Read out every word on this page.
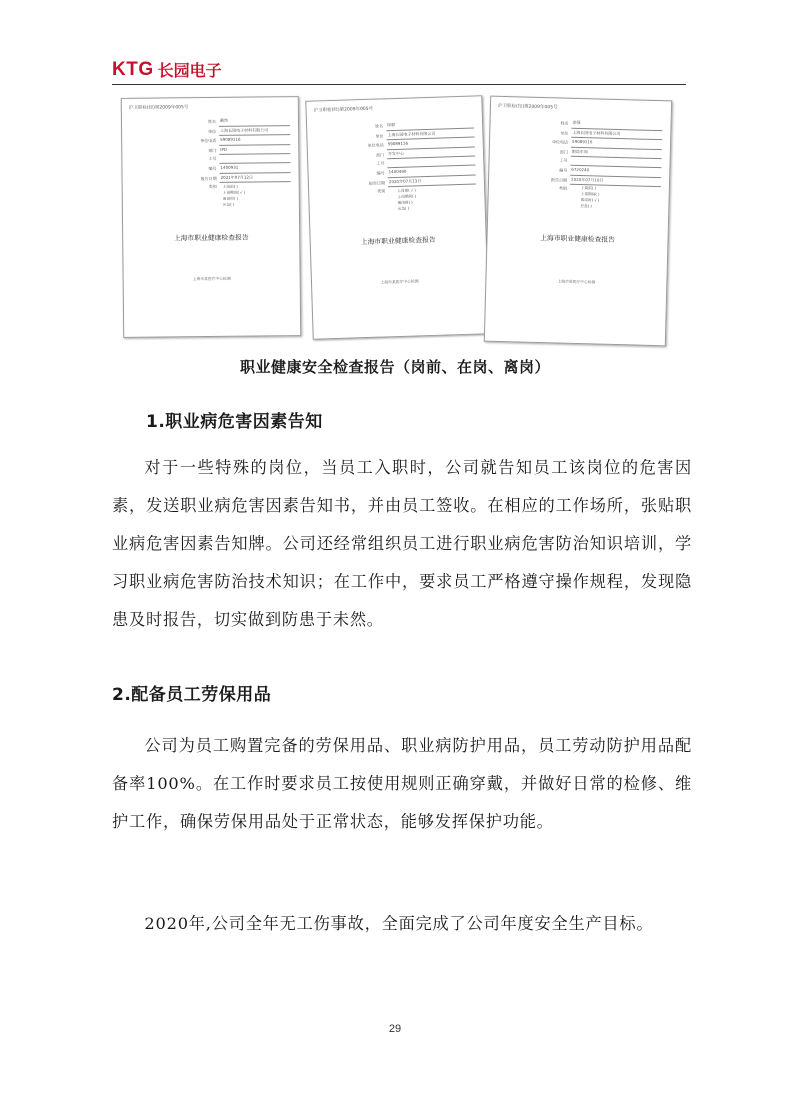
KTG 长园电子
沪卫职检(经)第2009年005号
姓名 戴然
单位 上海长园电子材料有限公司
单位电话 59089116
部门 IPD
工号
编号 1400931
报告日期 2021年07月12日
类别	上岗前( )
上岗期间( √ )
离岗时( )
应急( )
上海市职业健康检查报告
上海市某医疗中心检测
沪卫职检(经)第2009年005号
姓名 徐毅
单位 上海长园电子材料有限公司
单位电话 59089116
部门 开发中心
工号
编号 1400490
报告日期 2020年07月13日
类别	上岗前( √ )
上岗期间( )
离岗时( )
应急( )
上海市职业健康检查报告
上海市某医疗中心检测
沪卫职检(经)第2009年005号
姓名 徐强
单位 上海长园电子材料有限公司
单位电话 59089116
部门 制造车间
工号
编号 6720240
报告日期 2020年07月10日
类别	上岗前( )
上岗期间( )
离岗时( √ )
应急( )
上海市职业健康检查报告
上海市某医疗中心检测
职业健康安全检查报告（岗前、在岗、离岗）
1.职业病危害因素告知
对于一些特殊的岗位，当员工入职时，公司就告知员工该岗位的危害因素，发送职业病危害因素告知书，并由员工签收。在相应的工作场所，张贴职业病危害因素告知牌。公司还经常组织员工进行职业病危害防治知识培训，学习职业病危害防治技术知识；在工作中，要求员工严格遵守操作规程，发现隐患及时报告，切实做到防患于未然。
2.配备员工劳保用品
公司为员工购置完备的劳保用品、职业病防护用品，员工劳动防护用品配备率100%。在工作时要求员工按使用规则正确穿戴，并做好日常的检修、维护工作，确保劳保用品处于正常状态，能够发挥保护功能。
2020年,公司全年无工伤事故，全面完成了公司年度安全生产目标。
29
